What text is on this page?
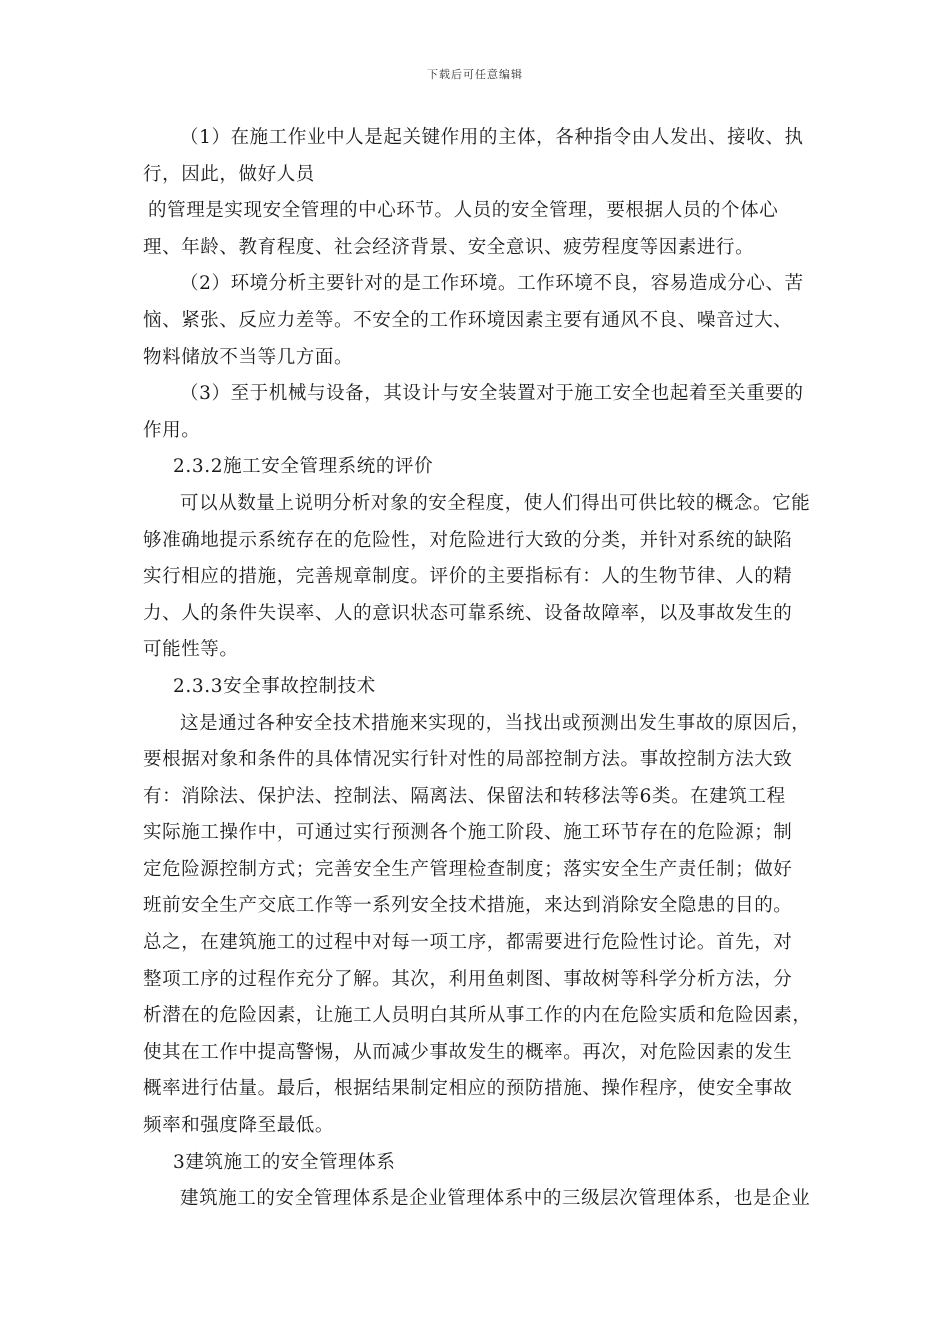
下载后可任意编辑
（1）在施工作业中人是起关键作用的主体，各种指令由人发出、接收、执
行，因此，做好人员
的管理是实现安全管理的中心环节。人员的安全管理，要根据人员的个体心
理、年龄、教育程度、社会经济背景、安全意识、疲劳程度等因素进行。
（2）环境分析主要针对的是工作环境。工作环境不良，容易造成分心、苦
恼、紧张、反应力差等。不安全的工作环境因素主要有通风不良、噪音过大、
物料储放不当等几方面。
（3）至于机械与设备，其设计与安全装置对于施工安全也起着至关重要的
作用。
2.3.2施工安全管理系统的评价
可以从数量上说明分析对象的安全程度，使人们得出可供比较的概念。它能
够准确地提示系统存在的危险性，对危险进行大致的分类，并针对系统的缺陷
实行相应的措施，完善规章制度。评价的主要指标有：人的生物节律、人的精
力、人的条件失误率、人的意识状态可靠系统、设备故障率，以及事故发生的
可能性等。
2.3.3安全事故控制技术
这是通过各种安全技术措施来实现的，当找出或预测出发生事故的原因后，
要根据对象和条件的具体情况实行针对性的局部控制方法。事故控制方法大致
有：消除法、保护法、控制法、隔离法、保留法和转移法等6类。在建筑工程
实际施工操作中，可通过实行预测各个施工阶段、施工环节存在的危险源；制
定危险源控制方式；完善安全生产管理检查制度；落实安全生产责任制；做好
班前安全生产交底工作等一系列安全技术措施，来达到消除安全隐患的目的。
总之，在建筑施工的过程中对每一项工序，都需要进行危险性讨论。首先，对
整项工序的过程作充分了解。其次，利用鱼刺图、事故树等科学分析方法，分
析潜在的危险因素，让施工人员明白其所从事工作的内在危险实质和危险因素，
使其在工作中提高警惕，从而减少事故发生的概率。再次，对危险因素的发生
概率进行估量。最后，根据结果制定相应的预防措施、操作程序，使安全事故
频率和强度降至最低。
3建筑施工的安全管理体系
建筑施工的安全管理体系是企业管理体系中的三级层次管理体系，也是企业
